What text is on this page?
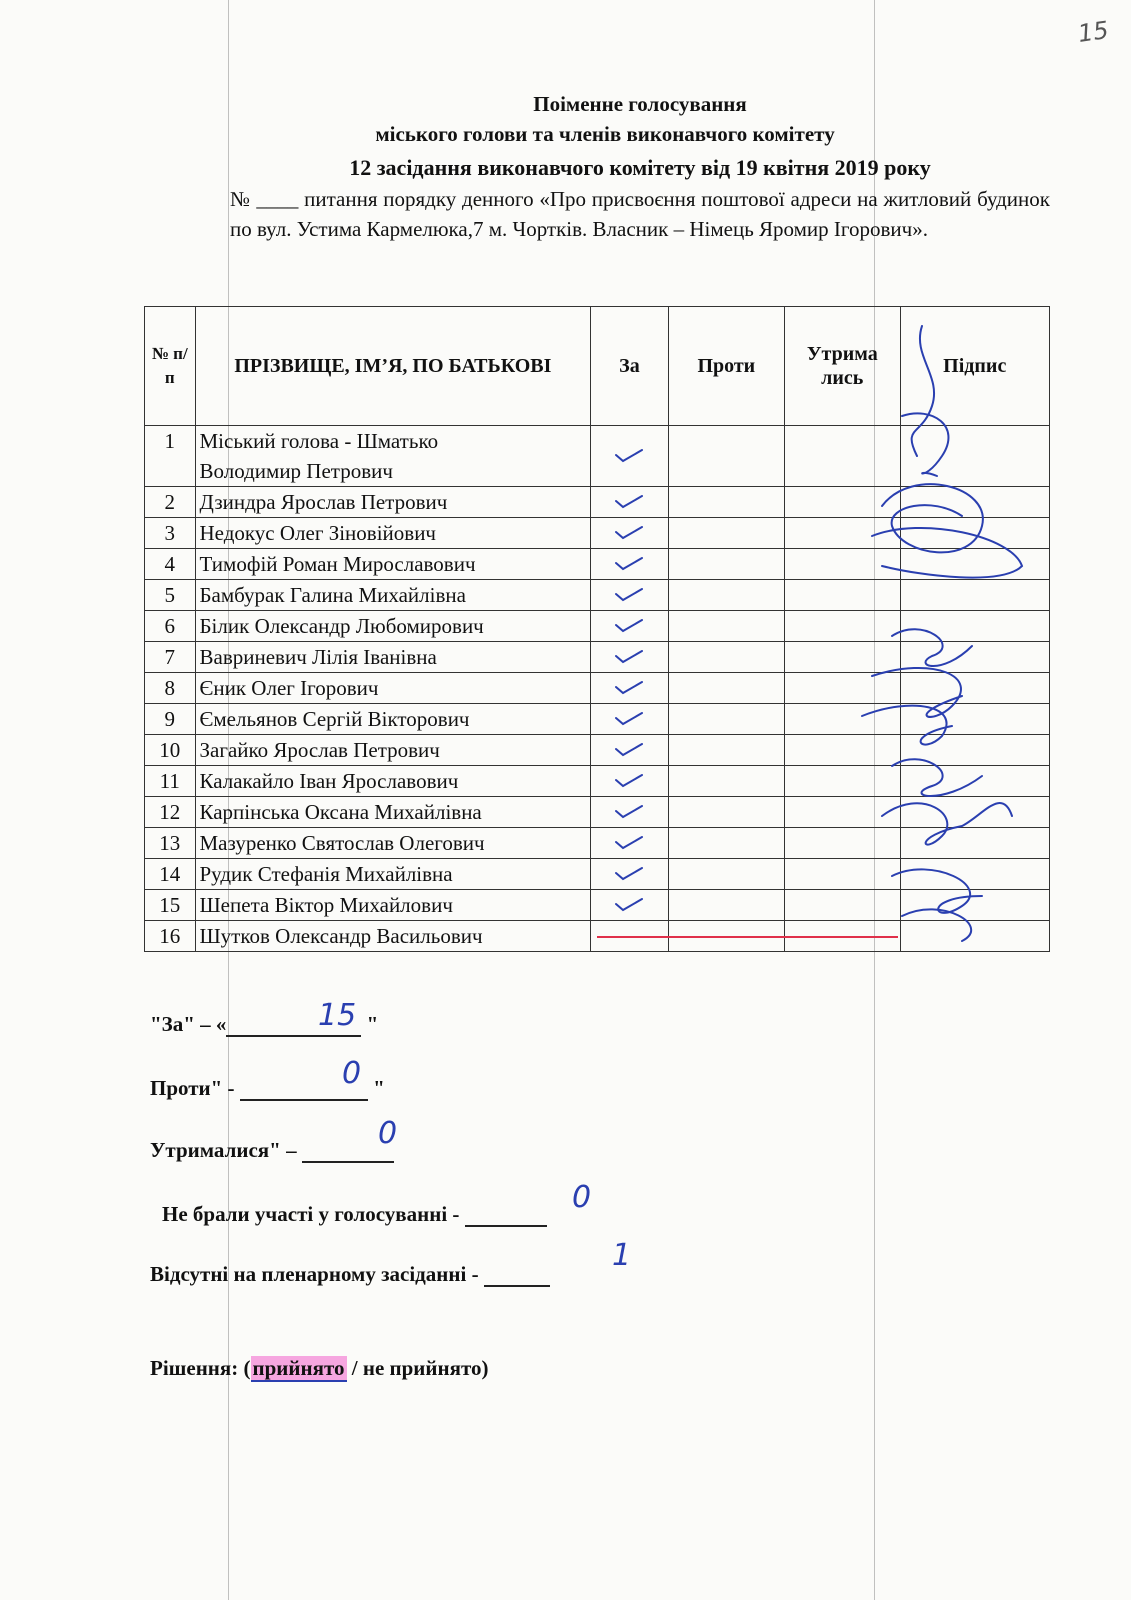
15
Поіменне голосування
міського голови та членів виконавчого комітету
12 засідання виконавчого комітету від 19 квітня 2019 року

№ ____ питання порядку денного «Про присвоєння поштової адреси на житловий будинок по вул. Устима Кармелюка,7 м. Чортків. Власник – Німець Яромир Ігорович».

№ п/п	ПРІЗВИЩЕ, ІМ’Я, ПО БАТЬКОВІ	За	Проти	Утрима лись	Підпис
1	Міський голова - Шматько
Володимир Петрович				
2	Дзиндра Ярослав Петрович				
3	Недокус Олег Зіновійович				
4	Тимофій Роман Мирославович				
5	Бамбурак Галина Михайлівна				
6	Білик Олександр Любомирович				
7	Вавриневич Лілія Іванівна				
8	Єник Олег Ігорович				
9	Ємельянов Сергій Вікторович				
10	Загайко Ярослав Петрович				
11	Калакайло Іван Ярославович				
12	Карпінська Оксана Михайлівна				
13	Мазуренко Святослав Олегович				
14	Рудик Стефанія Михайлівна				
15	Шепета Віктор Михайлович				
16	Шутков Олександр Васильович	

"За" – «	"
15
Проти" -	"
0
Утрималися" –	0
Не брали участі у голосуванні -	0
Відсутні на пленарному засіданні -
1
Рішення: (прийнято / не прийнято)
